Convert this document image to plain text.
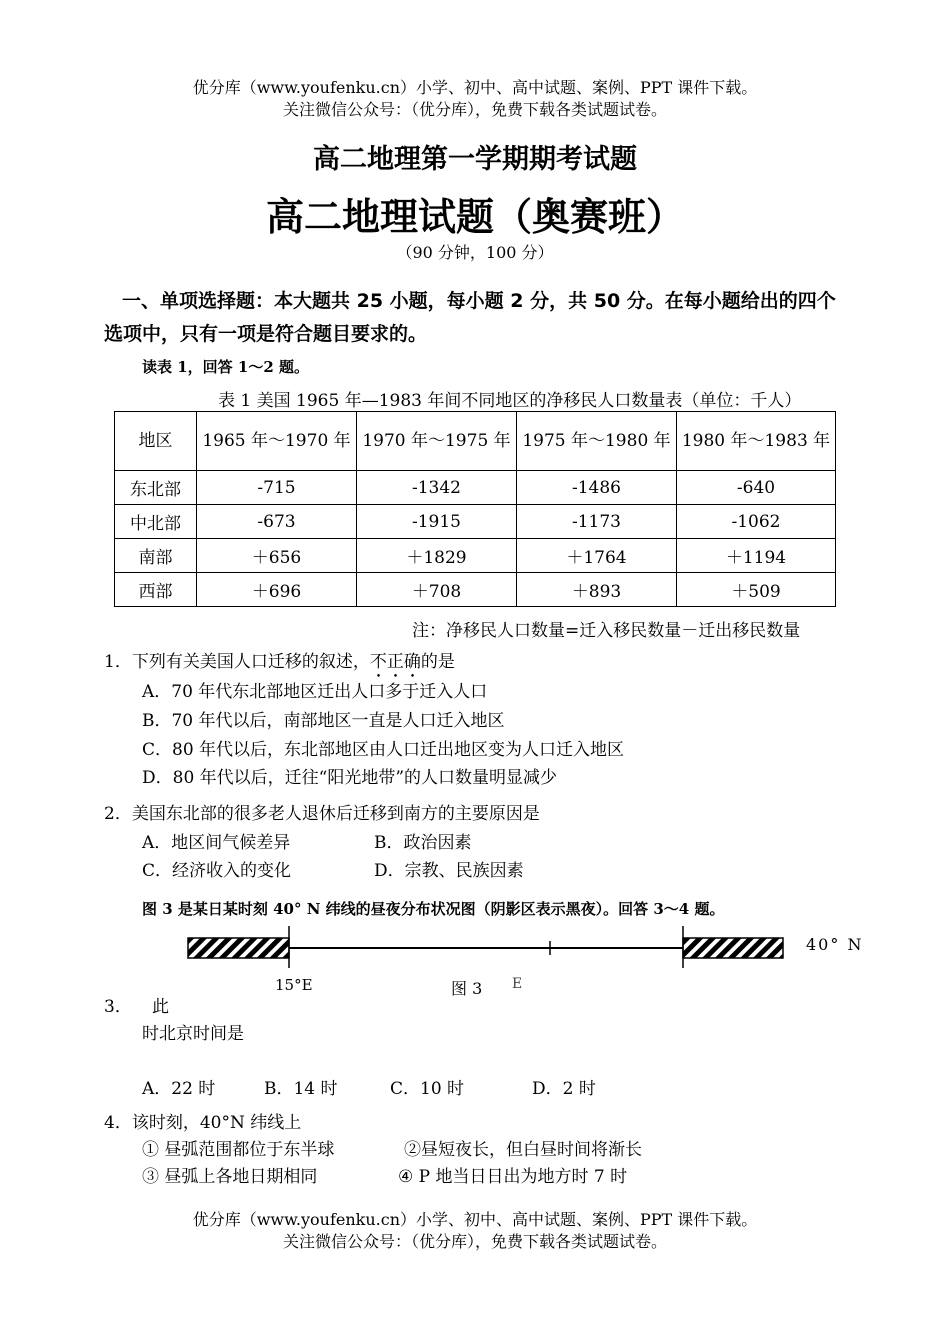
优分库（www.youfenku.cn）小学、初中、高中试题、案例、PPT 课件下载。
关注微信公众号：（优分库），免费下载各类试题试卷。
高二地理第一学期期考试题
高二地理试题（奥赛班）
（90 分钟，100 分）
一、单项选择题：本大题共 25 小题，每小题 2 分，共 50 分。在每小题给出的四个选项中，只有一项是符合题目要求的。
读表 1，回答 1～2 题。
表 1 美国 1965 年—1983 年间不同地区的净移民人口数量表（单位：千人）
地区	1965 年～1970 年	1970 年～1975 年	1975 年～1980 年	1980 年～1983 年
东北部	-715	-1342	-1486	-640
中北部	-673	-1915	-1173	-1062
南部	＋656	＋1829	＋1764	＋1194
西部	＋696	＋708	＋893	＋509
注：净移民人口数量=迁入移民数量－迁出移民数量
1．下列有关美国人口迁移的叙述，不正确的是
A．70 年代东北部地区迁出人口多于迁入人口
B．70 年代以后，南部地区一直是人口迁入地区
C．80 年代以后，东北部地区由人口迁出地区变为人口迁入地区
D．80 年代以后，迁往“阳光地带”的人口数量明显减少
2．美国东北部的很多老人退休后迁移到南方的主要原因是
A．地区间气候差异	B．政治因素
C．经济收入的变化	D．宗教、民族因素
图 3 是某日某时刻 40° N 纬线的昼夜分布状况图（阴影区表示黑夜）。回答 3～4 题。
40° N
15°E	图 3 E
3． 此
时北京时间是
A．22 时	B．14 时	C．10 时	D．2 时
4．该时刻，40°N 纬线上
① 昼弧范围都位于东半球	②昼短夜长，但白昼时间将渐长
③ 昼弧上各地日期相同	④ P 地当日日出为地方时 7 时
优分库（www.youfenku.cn）小学、初中、高中试题、案例、PPT 课件下载。
关注微信公众号：（优分库），免费下载各类试题试卷。
